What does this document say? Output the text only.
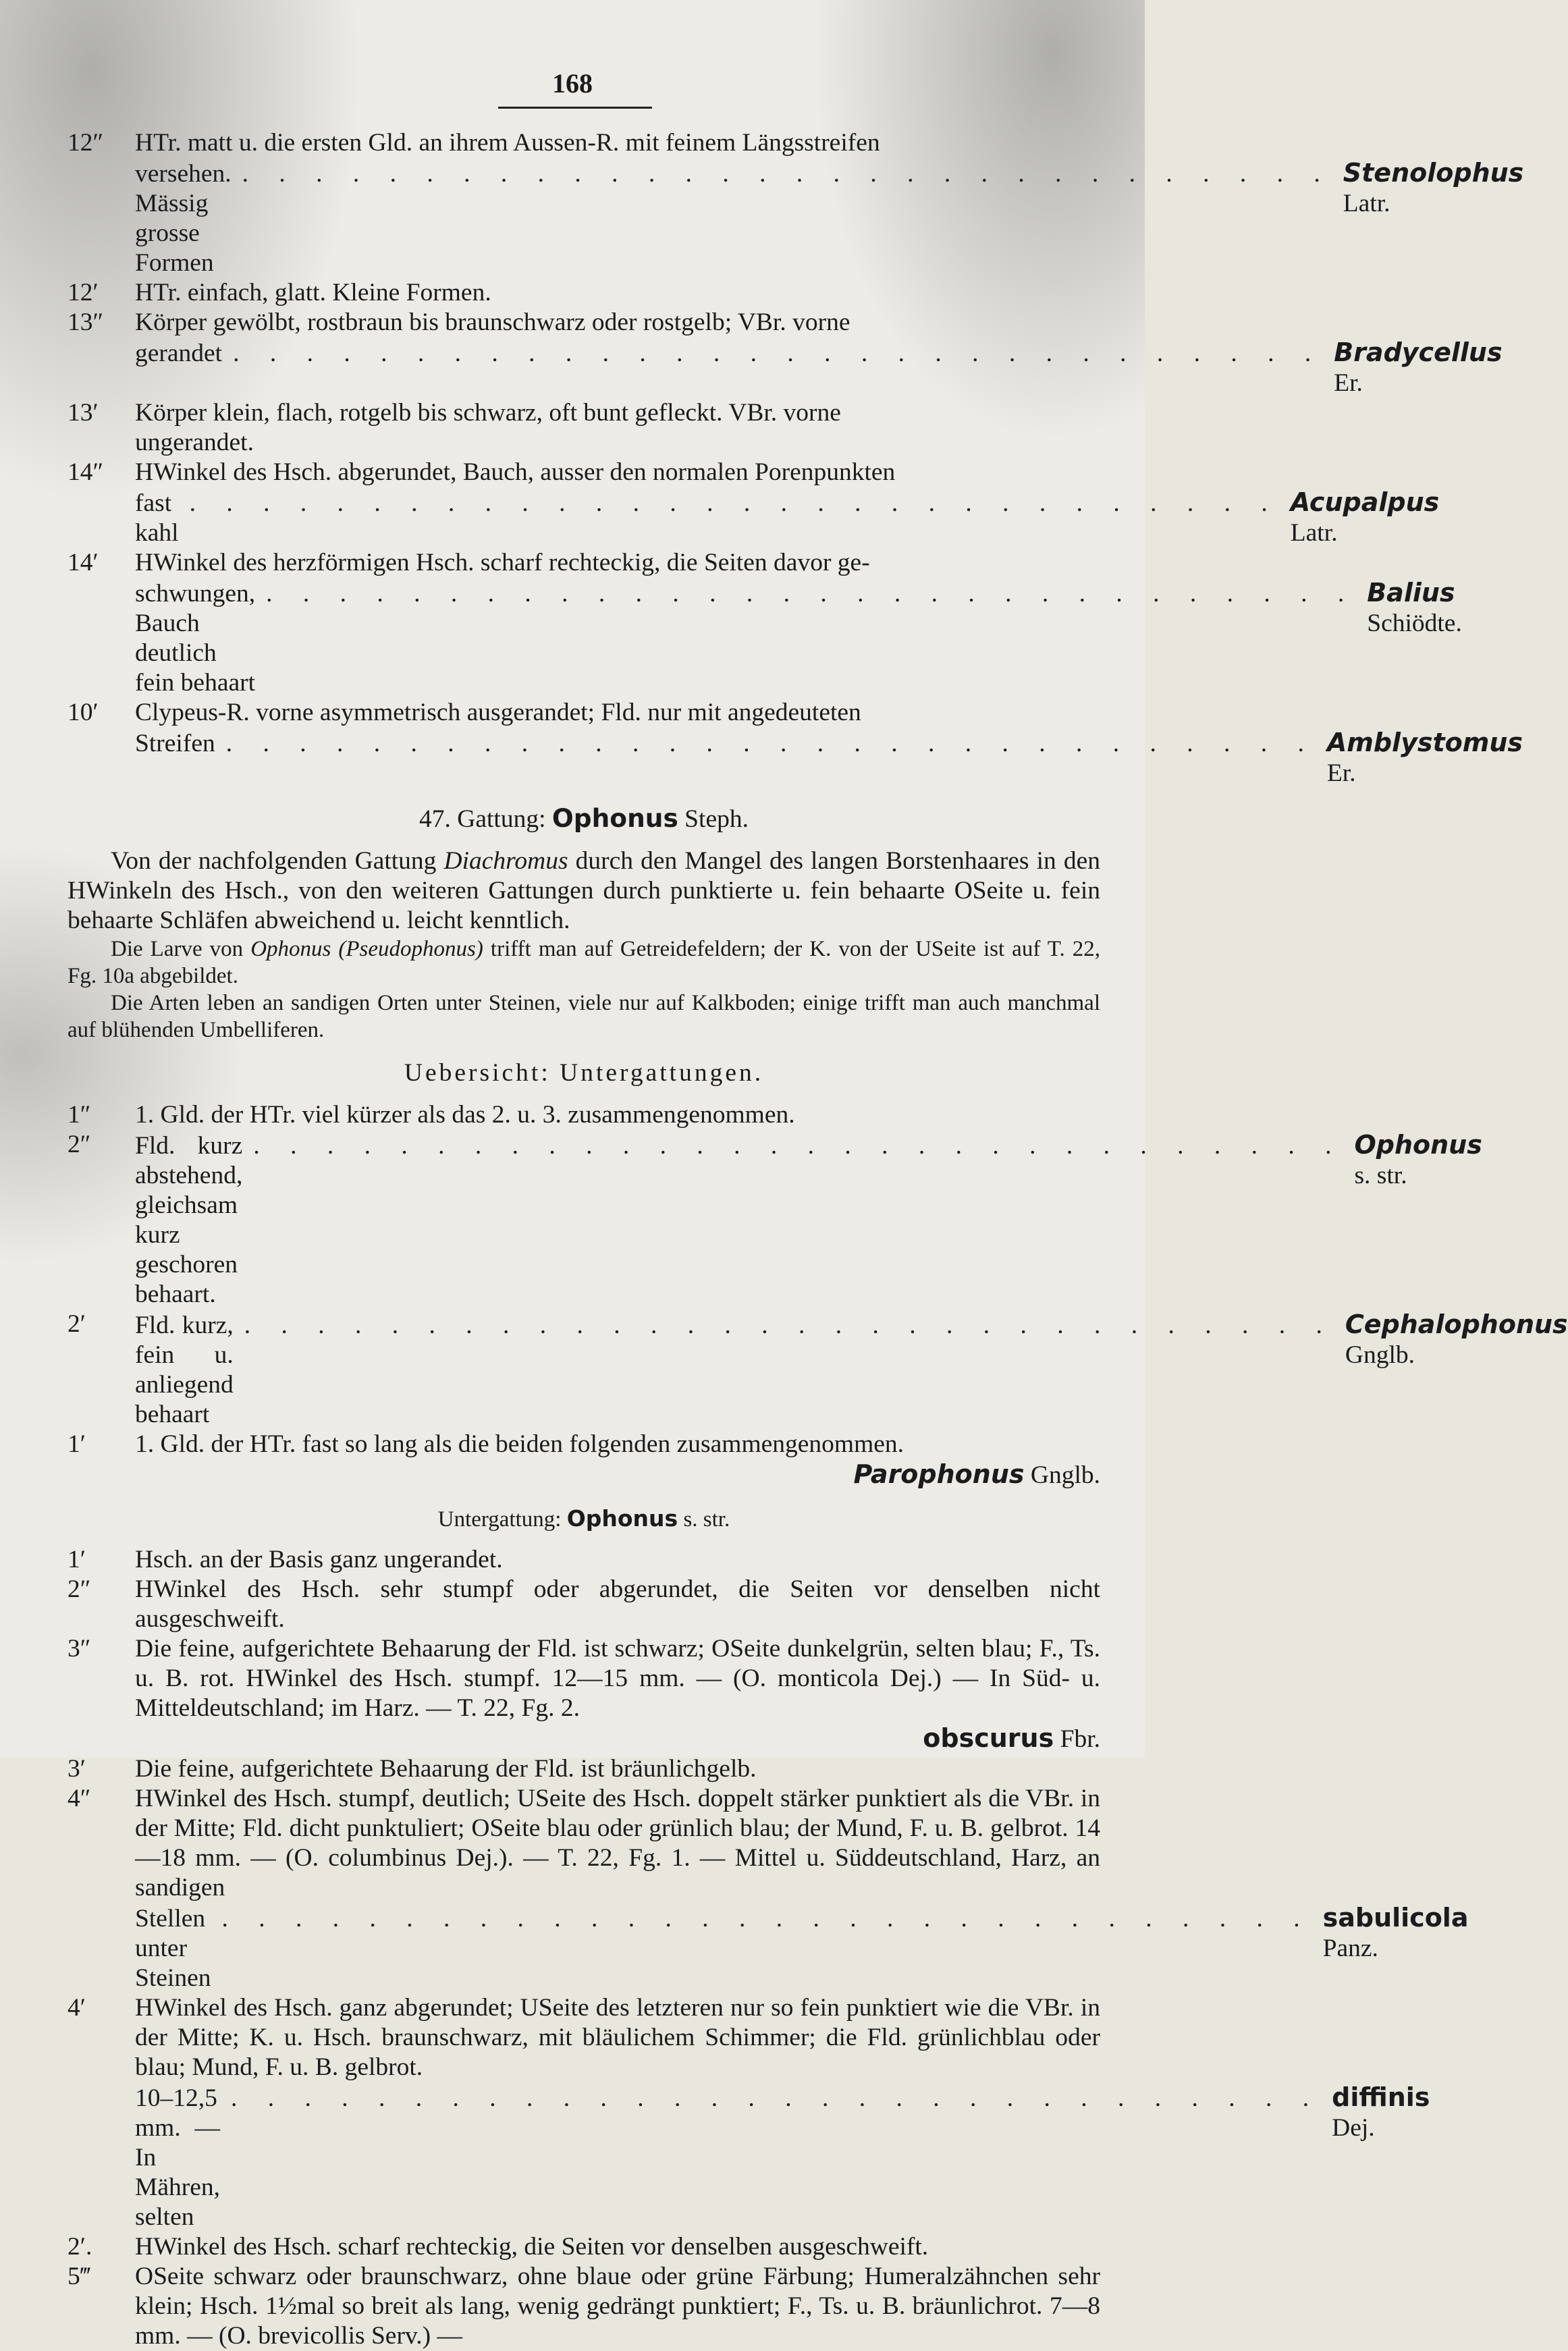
168
12″	HTr. matt u. die ersten Gld. an ihrem Aussen-R. mit feinem Längsstreifen
versehen. Mässig grosse Formen
. . . . . . . . . . . . . . . . . . . . . . . . . . . . . . Stenolophus Latr.
12′	HTr. einfach, glatt. Kleine Formen.
13″	Körper gewölbt, rostbraun bis braunschwarz oder rostgelb; VBr. vorne
gerandet . . . . . . . . . . . . . . . . . . . . . . . . . . . . . . Bradycellus Er.
13′	Körper klein, flach, rotgelb bis schwarz, oft bunt gefleckt. VBr. vorne
ungerandet.
14″	HWinkel des Hsch. abgerundet, Bauch, ausser den normalen Porenpunkten
fast kahl
. . . . . . . . . . . . . . . . . . . . . . . . . . . . . . Acupalpus Latr.
14′	HWinkel des herzförmigen Hsch. scharf rechteckig, die Seiten davor ge-
schwungen, Bauch deutlich fein behaart
. . . . . . . . . . . . . . . . . . . . . . . . . . . . . . Balius Schiödte.
10′	Clypeus-R. vorne asymmetrisch ausgerandet; Fld. nur mit angedeuteten
Streifen . . . . . . . . . . . . . . . . . . . . . . . . . . . . . . Amblystomus Er.
47. Gattung: Ophonus Steph.
Von der nachfolgenden Gattung Diachromus durch den Mangel des langen Borstenhaares in den HWinkeln des Hsch., von den weiteren Gattungen durch punktierte u. fein behaarte OSeite u. fein behaarte Schläfen abweichend u. leicht kenntlich.
Die Larve von Ophonus (Pseudophonus) trifft man auf Getreidefeldern; der K. von der USeite ist auf T. 22, Fg. 10a abgebildet.
Die Arten leben an sandigen Orten unter Steinen, viele nur auf Kalkboden; einige trifft man auch manchmal auf blühenden Umbelliferen.
Uebersicht: Untergattungen.
1″	1. Gld. der HTr. viel kürzer als das 2. u. 3. zusammengenommen.
2″	Fld. kurz abstehend, gleichsam kurz geschoren behaart.
. . . . . . . . . . . . . . . . . . . . . . . . . . . . . . Ophonus s. str.
2′	Fld. kurz, fein u. anliegend behaart
. . . . . . . . . . . . . . . . . . . . . . . . . . . . . . Cephalophonus Gnglb.
1′	1. Gld. der HTr. fast so lang als die beiden folgenden zusammengenommen.
Parophonus Gnglb.
Untergattung: Ophonus s. str.
1′	Hsch. an der Basis ganz ungerandet.
2″	HWinkel des Hsch. sehr stumpf oder abgerundet, die Seiten vor denselben nicht ausgeschweift.
3″	Die feine, aufgerichtete Behaarung der Fld. ist schwarz; OSeite dunkelgrün, selten blau; F., Ts. u. B. rot. HWinkel des Hsch. stumpf. 12—15 mm. — (O. monticola Dej.) — In Süd- u. Mitteldeutschland; im Harz. — T. 22, Fg. 2.
obscurus Fbr.
3′	Die feine, aufgerichtete Behaarung der Fld. ist bräunlichgelb.
4″	HWinkel des Hsch. stumpf, deutlich; USeite des Hsch. doppelt stärker punktiert als die VBr. in der Mitte; Fld. dicht punktuliert; OSeite blau oder grünlich blau; der Mund, F. u. B. gelbrot. 14—18 mm. — (O. columbinus Dej.). — T. 22, Fg. 1. — Mittel u. Süddeutschland, Harz, an sandigen
Stellen unter Steinen
. . . . . . . . . . . . . . . . . . . . . . . . . . . . . . sabulicola Panz.
4′	HWinkel des Hsch. ganz abgerundet; USeite des letzteren nur so fein punktiert wie die VBr. in der Mitte; K. u. Hsch. braunschwarz, mit bläulichem Schimmer; die Fld. grünlichblau oder blau; Mund, F. u. B. gelbrot.
10–12,5 mm. — In Mähren, selten
. . . . . . . . . . . . . . . . . . . . . . . . . . . . . . diffinis Dej.
2′.	HWinkel des Hsch. scharf rechteckig, die Seiten vor denselben ausgeschweift.
5‴	OSeite schwarz oder braunschwarz, ohne blaue oder grüne Färbung; Humeralzähnchen sehr klein; Hsch. 1½mal so breit als lang, wenig gedrängt punktiert; F., Ts. u. B. bräunlichrot. 7—8 mm. — (O. brevicollis Serv.) —
